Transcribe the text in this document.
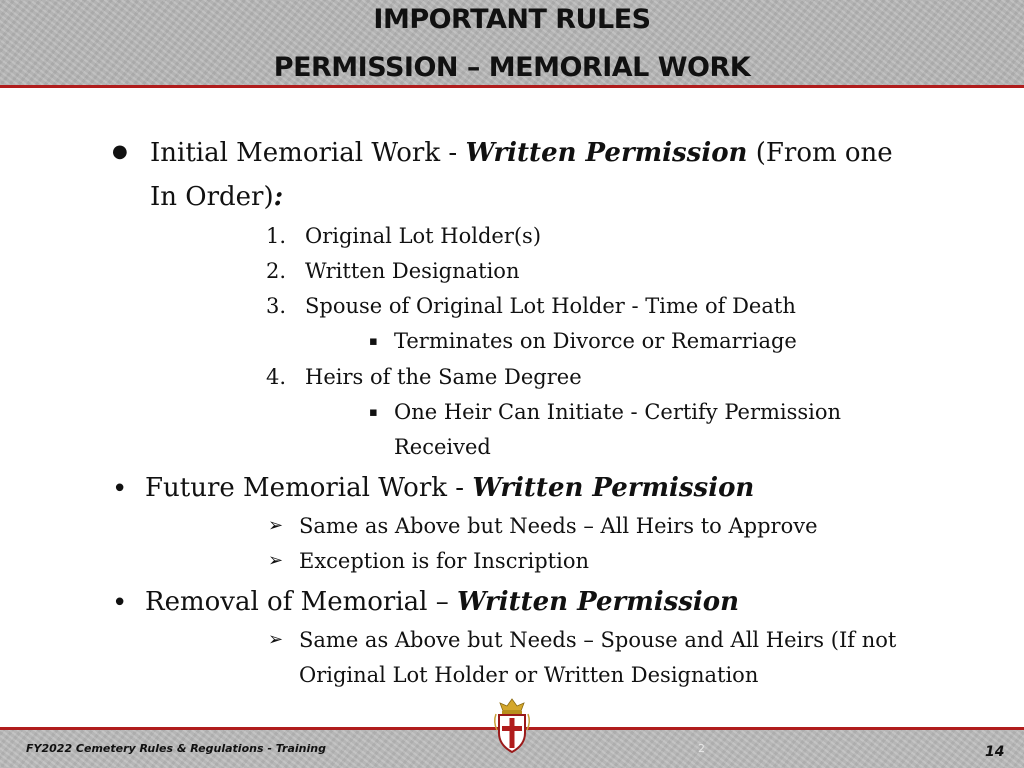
IMPORTANT RULES
PERMISSION – MEMORIAL WORK
● Initial Memorial Work - Written Permission (From one
In Order):
1. Original Lot Holder(s)
2. Written Designation
3. Spouse of Original Lot Holder - Time of Death
▪ Terminates on Divorce or Remarriage
4. Heirs of the Same Degree
▪ One Heir Can Initiate - Certify Permission
Received
• Future Memorial Work - Written Permission
➢ Same as Above but Needs – All Heirs to Approve
➢ Exception is for Inscription
• Removal of Memorial – Written Permission
➢ Same as Above but Needs – Spouse and All Heirs (If not
Original Lot Holder or Written Designation
FY2022 Cemetery Rules & Regulations - Training	2	14
